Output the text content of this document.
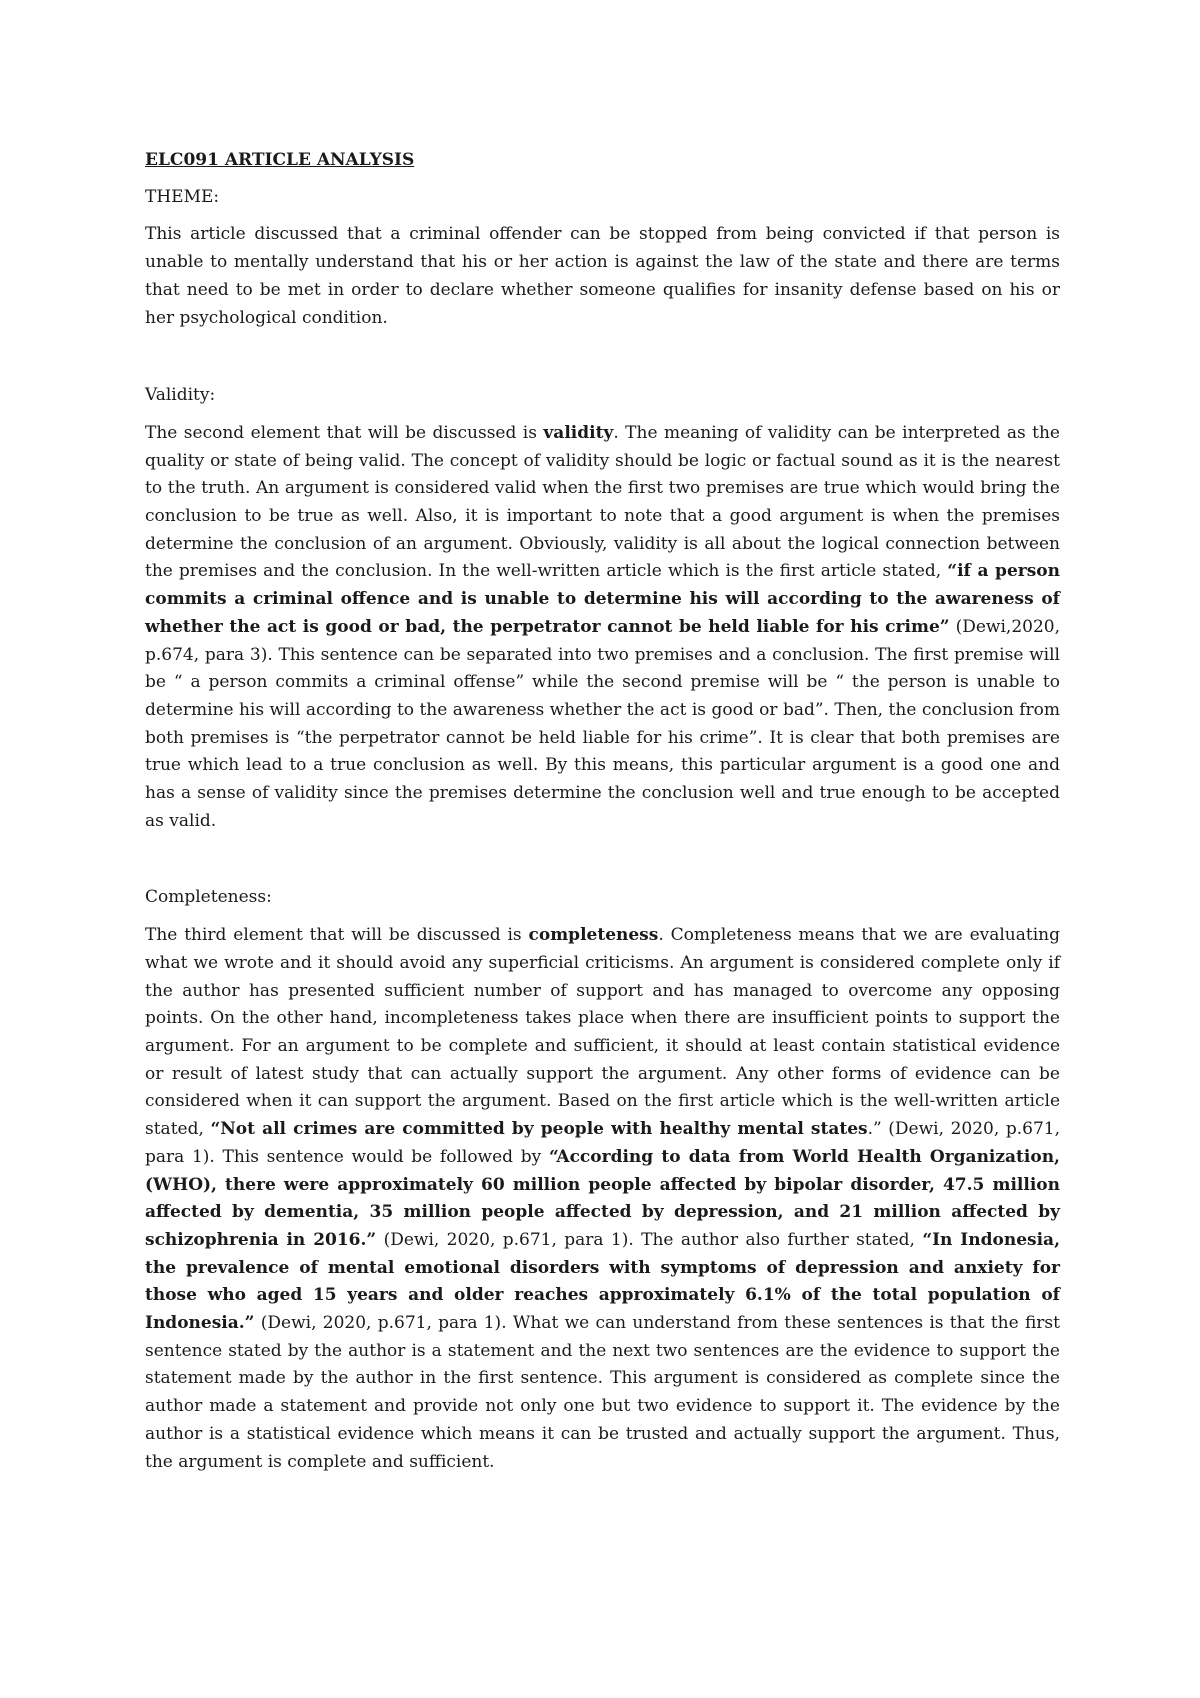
ELC091 ARTICLE ANALYSIS
THEME:

This article discussed that a criminal offender can be stopped from being convicted if that person is unable to mentally understand that his or her action is against the law of the state and there are terms that need to be met in order to declare whether someone qualifies for insanity defense based on his or her psychological condition.

Validity:

The second element that will be discussed is validity. The meaning of validity can be interpreted as the quality or state of being valid. The concept of validity should be logic or factual sound as it is the nearest to the truth. An argument is considered valid when the first two premises are true which would bring the conclusion to be true as well. Also, it is important to note that a good argument is when the premises determine the conclusion of an argument. Obviously, validity is all about the logical connection between the premises and the conclusion. In the well-written article which is the first article stated, “if a person commits a criminal offence and is unable to determine his will according to the awareness of whether the act is good or bad, the perpetrator cannot be held liable for his crime” (Dewi,2020, p.674, para 3). This sentence can be separated into two premises and a conclusion. The first premise will be “ a person commits a criminal offense” while the second premise will be “ the person is unable to determine his will according to the awareness whether the act is good or bad”. Then, the conclusion from both premises is “the perpetrator cannot be held liable for his crime”. It is clear that both premises are true which lead to a true conclusion as well. By this means, this particular argument is a good one and has a sense of validity since the premises determine the conclusion well and true enough to be accepted as valid.

Completeness:

The third element that will be discussed is completeness. Completeness means that we are evaluating what we wrote and it should avoid any superficial criticisms. An argument is considered complete only if the author has presented sufficient number of support and has managed to overcome any opposing points. On the other hand, incompleteness takes place when there are insufficient points to support the argument. For an argument to be complete and sufficient, it should at least contain statistical evidence or result of latest study that can actually support the argument. Any other forms of evidence can be considered when it can support the argument. Based on the first article which is the well-written article stated, “Not all crimes are committed by people with healthy mental states.” (Dewi, 2020, p.671, para 1). This sentence would be followed by “According to data from World Health Organization, (WHO), there were approximately 60 million people affected by bipolar disorder, 47.5 million affected by dementia, 35 million people affected by depression, and 21 million affected by schizophrenia in 2016.” (Dewi, 2020, p.671, para 1). The author also further stated, “In Indonesia, the prevalence of mental emotional disorders with symptoms of depression and anxiety for those who aged 15 years and older reaches approximately 6.1% of the total population of Indonesia.” (Dewi, 2020, p.671, para 1). What we can understand from these sentences is that the first sentence stated by the author is a statement and the next two sentences are the evidence to support the statement made by the author in the first sentence. This argument is considered as complete since the author made a statement and provide not only one but two evidence to support it. The evidence by the author is a statistical evidence which means it can be trusted and actually support the argument. Thus, the argument is complete and sufficient.
